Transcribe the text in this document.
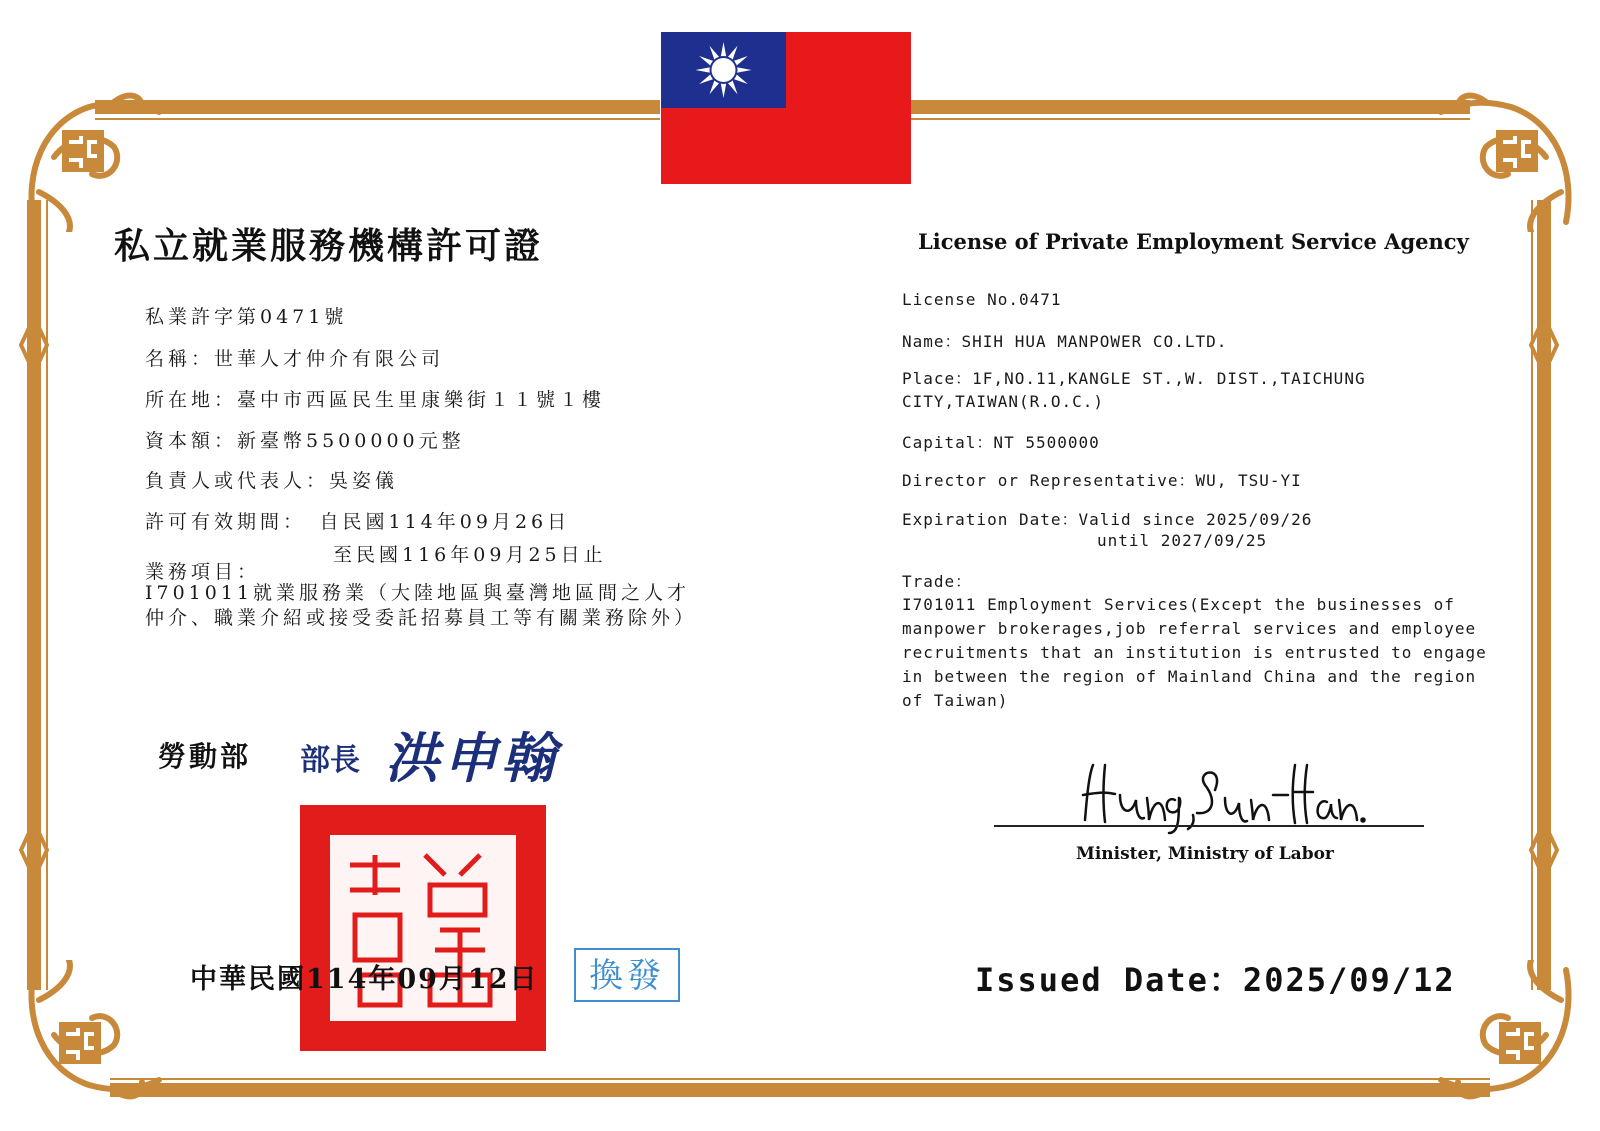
私立就業服務機構許可證	License of Private Employment Service Agency
私業許字第0471號
名稱：世華人才仲介有限公司
所在地：臺中市西區民生里康樂街１１號１樓
資本額：新臺幣5500000元整
負責人或代表人：吳姿儀
許可有效期間：　自民國114年09月26日
至民國116年09月25日止
業務項目：
I701011就業服務業（大陸地區與臺灣地區間之人才仲介、職業介紹或接受委託招募員工等有關業務除外）
License No.0471
Name：SHIH HUA MANPOWER CO.LTD.
Place：1F,NO.11,KANGLE ST.,W. DIST.,TAICHUNG CITY,TAIWAN(R.O.C.)
Capital：NT 5500000
Director or Representative：WU, TSU-YI
Expiration Date：Valid since 2025/09/26
until 2027/09/25
Trade：
I701011 Employment Services(Except the businesses of manpower brokerages,job referral services and employee recruitments that an institution is entrusted to engage in between the region of Mainland China and the region of Taiwan)
勞動部 部長 洪申翰
中華民國114年09月12日	換發
Minister, Ministry of Labor
Issued Date：2025/09/12
